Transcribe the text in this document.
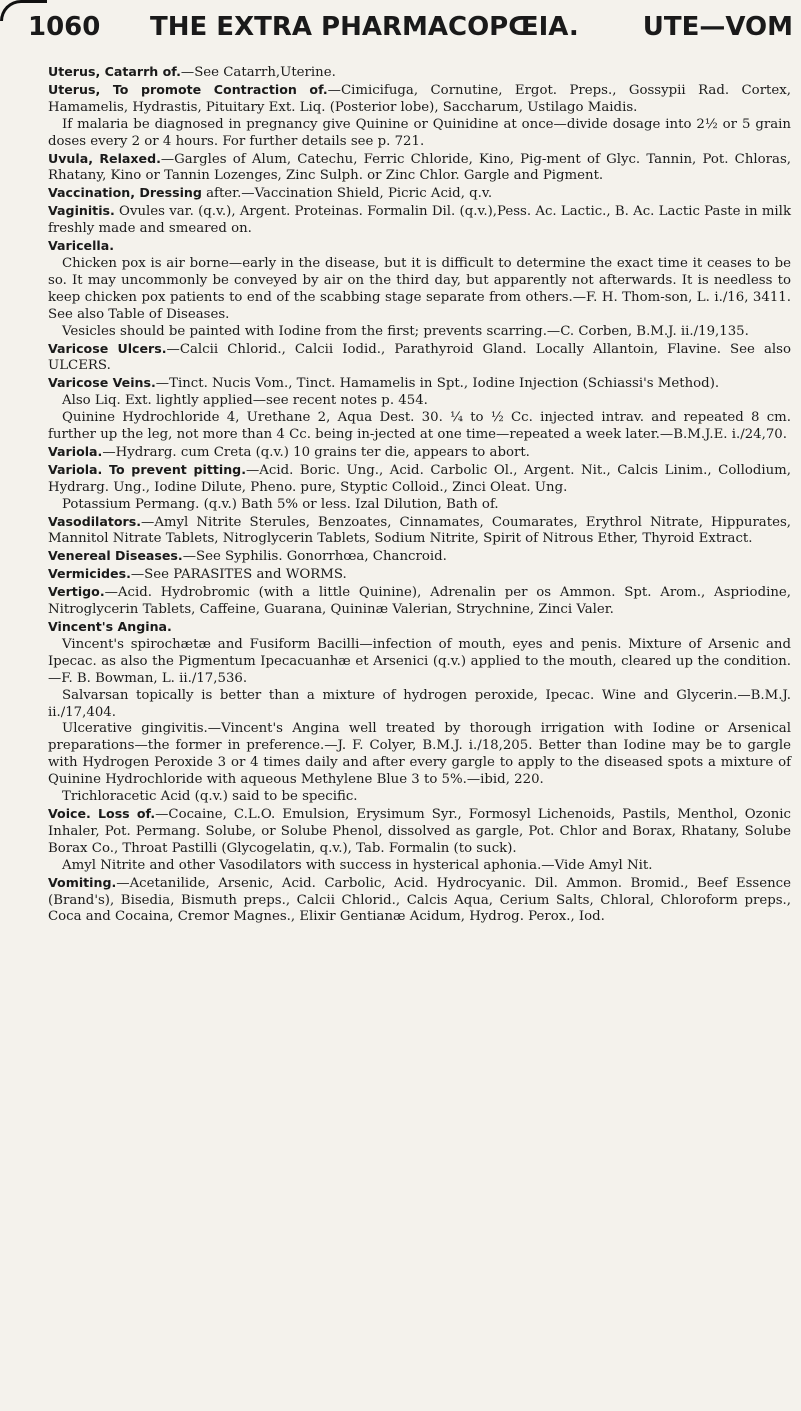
1060 THE EXTRA PHARMACOPŒIA. UTE—VOM

Uterus, Catarrh of.—See Catarrh,Uterine.

Uterus, To promote Contraction of.—Cimicifuga, Cornutine, Ergot. Preps., Gossypii Rad. Cortex, Hamamelis, Hydrastis, Pituitary Ext. Liq. (Posterior lobe), Saccharum, Ustilago Maidis.

If malaria be diagnosed in pregnancy give Quinine or Quinidine at once—divide dosage into 2½ or 5 grain doses every 2 or 4 hours. For further details see p. 721.

Uvula, Relaxed.—Gargles of Alum, Catechu, Ferric Chloride, Kino, Pig-ment of Glyc. Tannin, Pot. Chloras, Rhatany, Kino or Tannin Lozenges, Zinc Sulph. or Zinc Chlor. Gargle and Pigment.

Vaccination, Dressing after.—Vaccination Shield, Picric Acid, q.v.

Vaginitis. Ovules var. (q.v.), Argent. Proteinas. Formalin Dil. (q.v.),Pess. Ac. Lactic., B. Ac. Lactic Paste in milk freshly made and smeared on.

Varicella.

Chicken pox is air borne—early in the disease, but it is difficult to determine the exact time it ceases to be so. It may uncommonly be conveyed by air on the third day, but apparently not afterwards. It is needless to keep chicken pox patients to end of the scabbing stage separate from others.—F. H. Thom-son, L. i./16, 3411. See also Table of Diseases.

Vesicles should be painted with Iodine from the first; prevents scarring.—C. Corben, B.M.J. ii./19,135.

Varicose Ulcers.—Calcii Chlorid., Calcii Iodid., Parathyroid Gland. Locally Allantoin, Flavine. See also ULCERS.

Varicose Veins.—Tinct. Nucis Vom., Tinct. Hamamelis in Spt., Iodine Injection (Schiassi's Method).

Also Liq. Ext. lightly applied—see recent notes p. 454.

Quinine Hydrochloride 4, Urethane 2, Aqua Dest. 30. ¼ to ½ Cc. injected intrav. and repeated 8 cm. further up the leg, not more than 4 Cc. being in-jected at one time—repeated a week later.—B.M.J.E. i./24,70.

Variola.—Hydrarg. cum Creta (q.v.) 10 grains ter die, appears to abort.

Variola. To prevent pitting.—Acid. Boric. Ung., Acid. Carbolic Ol., Argent. Nit., Calcis Linim., Collodium, Hydrarg. Ung., Iodine Dilute, Pheno. pure, Styptic Colloid., Zinci Oleat. Ung.

Potassium Permang. (q.v.) Bath 5% or less. Izal Dilution, Bath of.

Vasodilators.—Amyl Nitrite Sterules, Benzoates, Cinnamates, Coumarates, Erythrol Nitrate, Hippurates, Mannitol Nitrate Tablets, Nitroglycerin Tablets, Sodium Nitrite, Spirit of Nitrous Ether, Thyroid Extract.

Venereal Diseases.—See Syphilis. Gonorrhœa, Chancroid.

Vermicides.—See PARASITES and WORMS.

Vertigo.—Acid. Hydrobromic (with a little Quinine), Adrenalin per os Ammon. Spt. Arom., Aspriodine, Nitroglycerin Tablets, Caffeine, Guarana, Quininæ Valerian, Strychnine, Zinci Valer.

Vincent's Angina.

Vincent's spirochætæ and Fusiform Bacilli—infection of mouth, eyes and penis. Mixture of Arsenic and Ipecac. as also the Pigmentum Ipecacuanhæ et Arsenici (q.v.) applied to the mouth, cleared up the condition.—F. B. Bowman, L. ii./17,536.

Salvarsan topically is better than a mixture of hydrogen peroxide, Ipecac. Wine and Glycerin.—B.M.J. ii./17,404.

Ulcerative gingivitis.—Vincent's Angina well treated by thorough irrigation with Iodine or Arsenical preparations—the former in preference.—J. F. Colyer, B.M.J. i./18,205. Better than Iodine may be to gargle with Hydrogen Peroxide 3 or 4 times daily and after every gargle to apply to the diseased spots a mixture of Quinine Hydrochloride with aqueous Methylene Blue 3 to 5%.—ibid, 220.

Trichloracetic Acid (q.v.) said to be specific.

Voice. Loss of.—Cocaine, C.L.O. Emulsion, Erysimum Syr., Formosyl Lichenoids, Pastils, Menthol, Ozonic Inhaler, Pot. Permang. Solube, or Solube Phenol, dissolved as gargle, Pot. Chlor and Borax, Rhatany, Solube Borax Co., Throat Pastilli (Glycogelatin, q.v.), Tab. Formalin (to suck).

Amyl Nitrite and other Vasodilators with success in hysterical aphonia.—Vide Amyl Nit.

Vomiting.—Acetanilide, Arsenic, Acid. Carbolic, Acid. Hydrocyanic. Dil. Ammon. Bromid., Beef Essence (Brand's), Bisedia, Bismuth preps., Calcii Chlorid., Calcis Aqua, Cerium Salts, Chloral, Chloroform preps., Coca and Cocaina, Cremor Magnes., Elixir Gentianæ Acidum, Hydrog. Perox., Iod.
